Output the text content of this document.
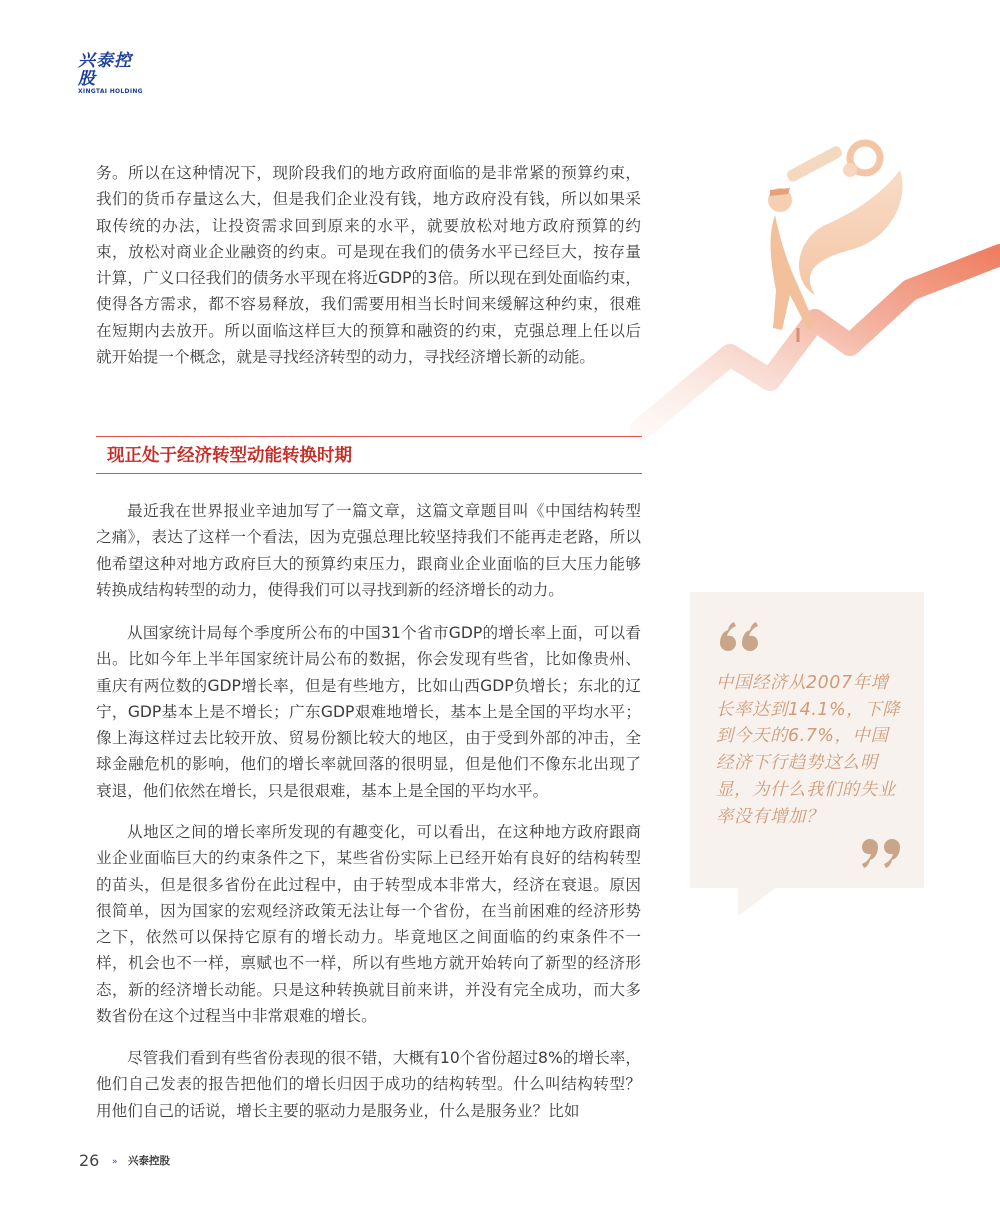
兴泰控股
XINGTAI HOLDING

务。所以在这种情况下，现阶段我们的地方政府面临的是非常紧的预算约束，我们的货币存量这么大，但是我们企业没有钱，地方政府没有钱，所以如果采取传统的办法，让投资需求回到原来的水平，就要放松对地方政府预算的约束，放松对商业企业融资的约束。可是现在我们的债务水平已经巨大，按存量计算，广义口径我们的债务水平现在将近GDP的3倍。所以现在到处面临约束，使得各方需求，都不容易释放，我们需要用相当长时间来缓解这种约束，很难在短期内去放开。所以面临这样巨大的预算和融资的约束，克强总理上任以后就开始提一个概念，就是寻找经济转型的动力，寻找经济增长新的动能。

现正处于经济转型动能转换时期

最近我在世界报业辛迪加写了一篇文章，这篇文章题目叫《中国结构转型之痛》，表达了这样一个看法，因为克强总理比较坚持我们不能再走老路，所以他希望这种对地方政府巨大的预算约束压力，跟商业企业面临的巨大压力能够转换成结构转型的动力，使得我们可以寻找到新的经济增长的动力。

从国家统计局每个季度所公布的中国31个省市GDP的增长率上面，可以看出。比如今年上半年国家统计局公布的数据，你会发现有些省，比如像贵州、重庆有两位数的GDP增长率，但是有些地方，比如山西GDP负增长；东北的辽宁，GDP基本上是不增长；广东GDP艰难地增长，基本上是全国的平均水平；像上海这样过去比较开放、贸易份额比较大的地区，由于受到外部的冲击，全球金融危机的影响，他们的增长率就回落的很明显，但是他们不像东北出现了衰退，他们依然在增长，只是很艰难，基本上是全国的平均水平。

从地区之间的增长率所发现的有趣变化，可以看出，在这种地方政府跟商业企业面临巨大的约束条件之下，某些省份实际上已经开始有良好的结构转型的苗头，但是很多省份在此过程中，由于转型成本非常大，经济在衰退。原因很简单，因为国家的宏观经济政策无法让每一个省份，在当前困难的经济形势之下，依然可以保持它原有的增长动力。毕竟地区之间面临的约束条件不一样，机会也不一样，禀赋也不一样，所以有些地方就开始转向了新型的经济形态，新的经济增长动能。只是这种转换就目前来讲，并没有完全成功，而大多数省份在这个过程当中非常艰难的增长。

尽管我们看到有些省份表现的很不错，大概有10个省份超过8%的增长率，他们自己发表的报告把他们的增长归因于成功的结构转型。什么叫结构转型？用他们自己的话说，增长主要的驱动力是服务业，什么是服务业？比如

中国经济从2007年增长率达到14.1%，下降到今天的6.7%，中国经济下行趋势这么明显，为什么我们的失业率没有增加？
26 » 兴泰控股
